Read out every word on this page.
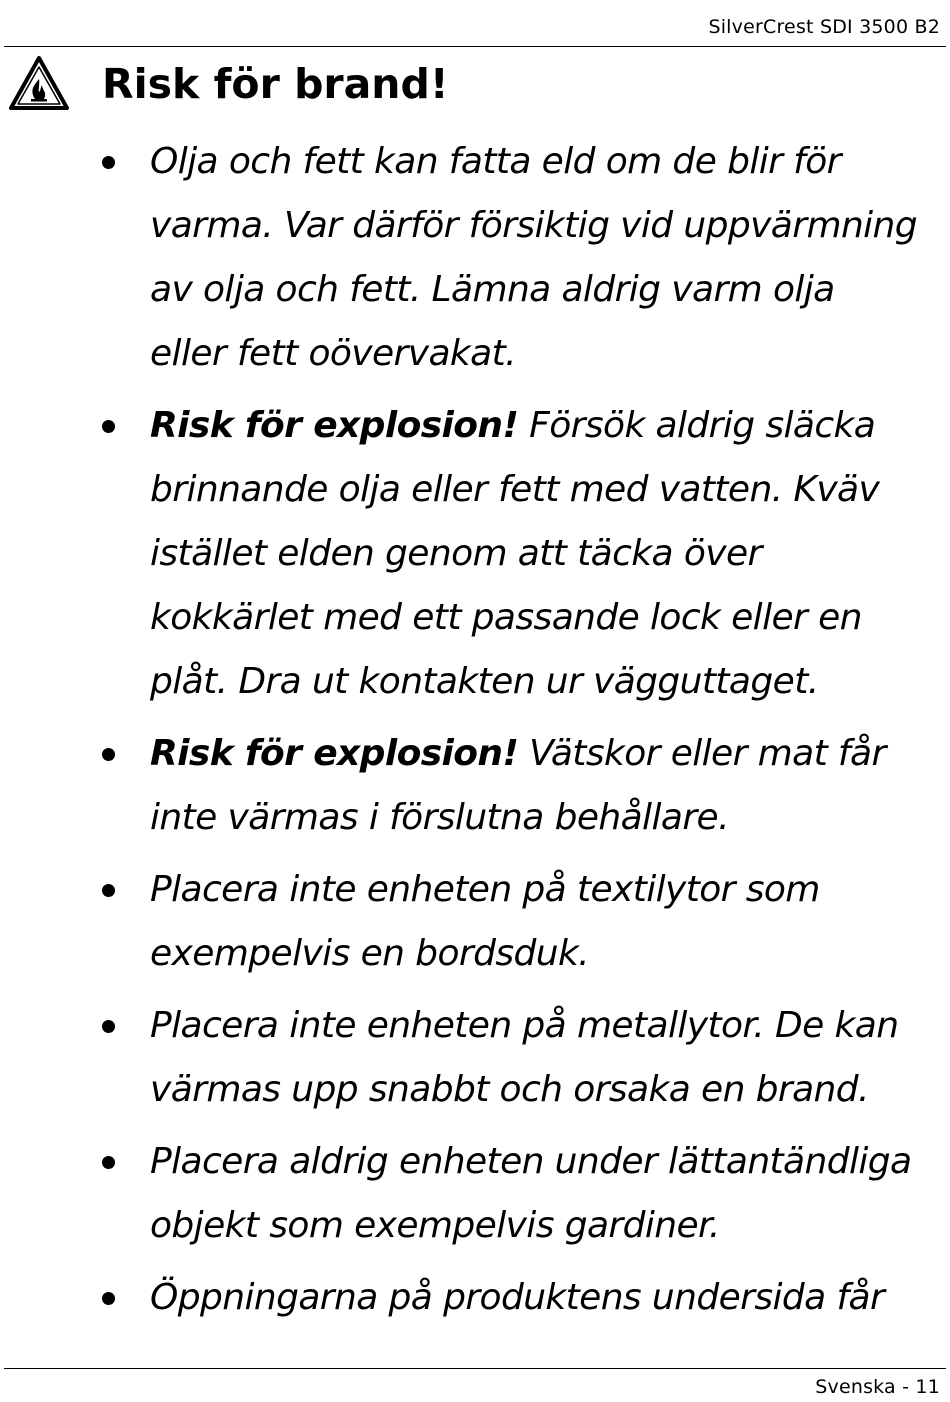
SilverCrest SDI 3500 B2
Risk för brand!
Olja och fett kan fatta eld om de blir för varma. Var därför försiktig vid uppvärmning av olja och fett. Lämna aldrig varm olja eller fett oövervakat.
Risk för explosion! Försök aldrig släcka brinnande olja eller fett med vatten. Kväv istället elden genom att täcka över kokkärlet med ett passande lock eller en plåt. Dra ut kontakten ur vägguttaget.
Risk för explosion! Vätskor eller mat får inte värmas i förslutna behållare.
Placera inte enheten på textilytor som exempelvis en bordsduk.
Placera inte enheten på metallytor. De kan värmas upp snabbt och orsaka en brand.
Placera aldrig enheten under lättantändliga objekt som exempelvis gardiner.
Öppningarna på produktens undersida får
Svenska - 11
